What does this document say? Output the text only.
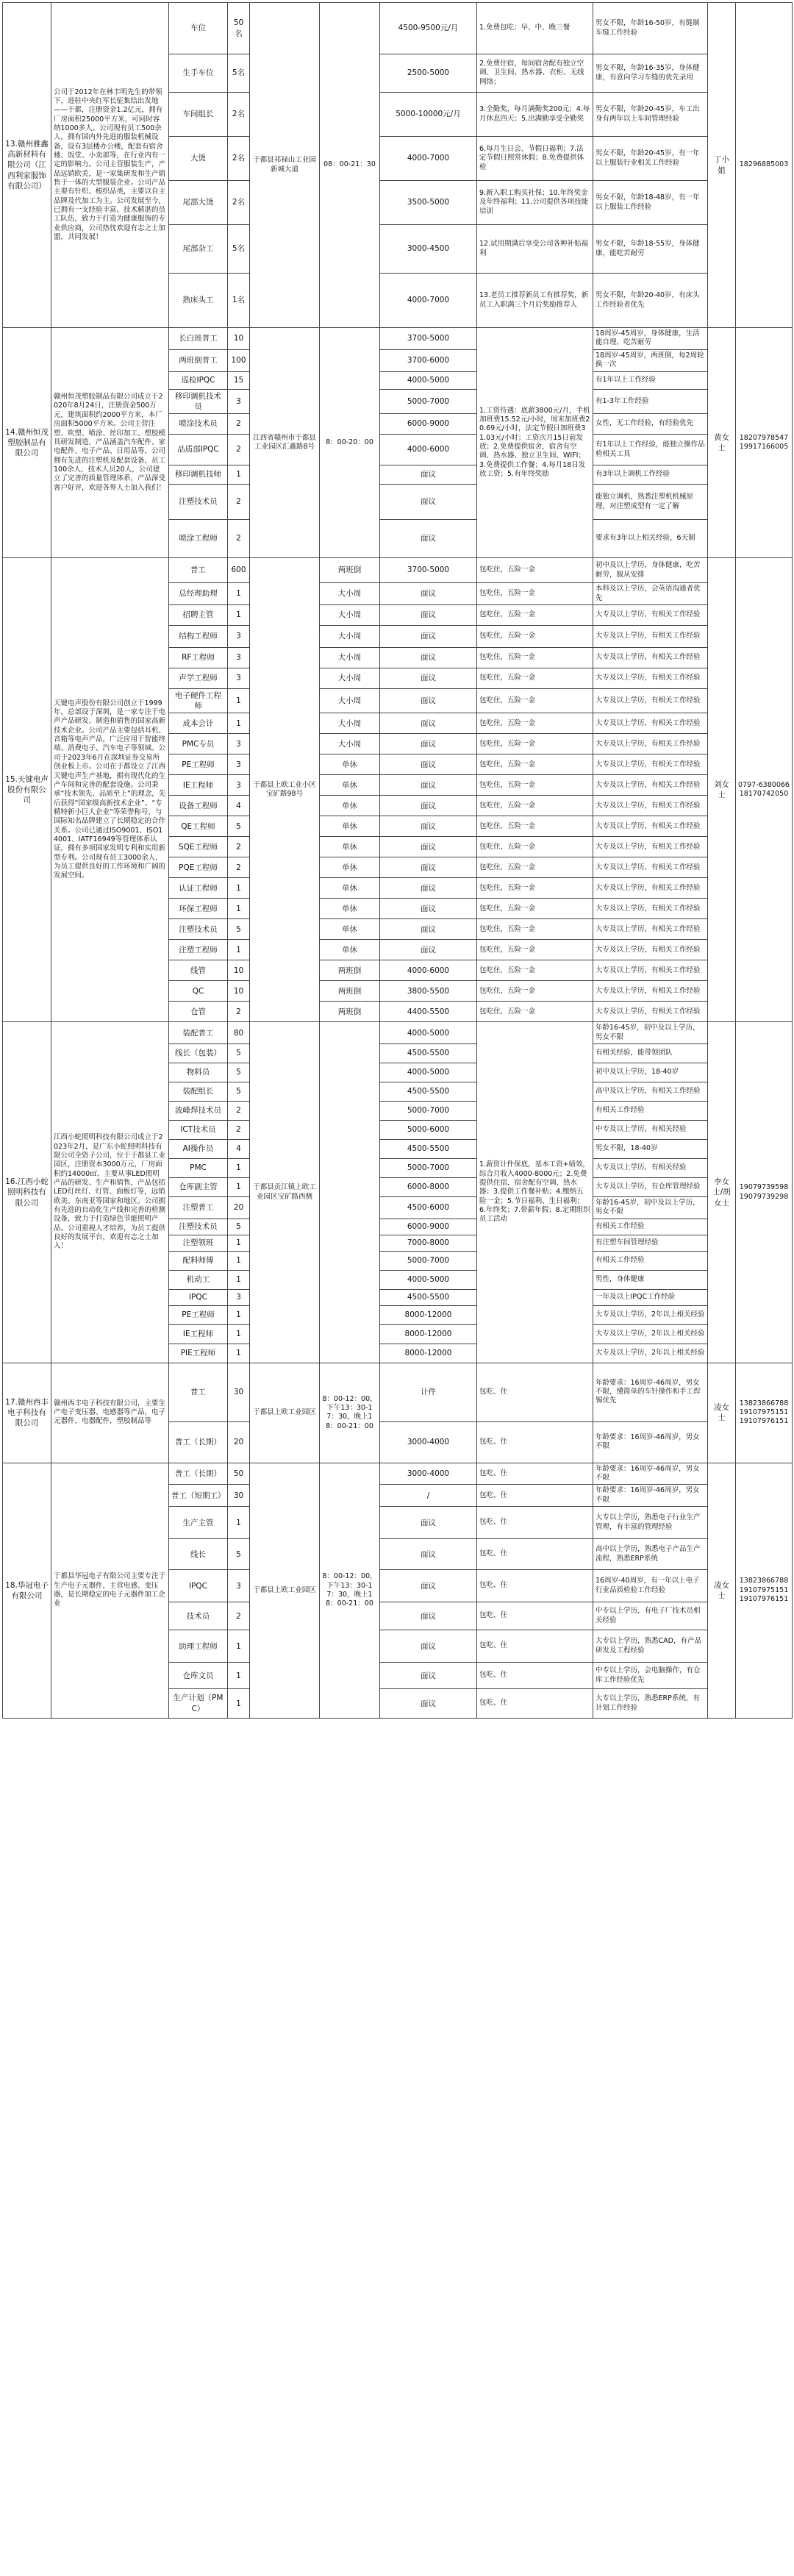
13.赣州雅鑫高新材料有限公司（江西利家服饰有限公司）	公司于2012年在林丰明先生的带领下，进驻中央红军长征集结出发地——于都，注册资金1.2亿元，拥有厂房面积25000平方米，可同时容纳1000多人。公司现有员工500余人，拥有国内外先进的服装机械设备，设有3层楼办公楼，配套有宿舍楼、饭堂、小卖部等，在行业内有一定的影响力。公司主营服装生产，产品远销欧美，是一家集研发和生产销售于一体的大型服装企业。公司产品主要有针织、梭织品类，主要以自主品牌及代加工为主。公司发展至今，已拥有一支经验丰富、技术精湛的员工队伍，致力于打造为健康服饰的专业供应商，公司热忱欢迎有志之士加盟，共同发展！	车位	50名	于都县祁禄山工业园新城大道	08：00-21：30	4500-9500元/月	1.免费包吃：早、中、晚三餐	男女不限，年龄16-50岁，有缝制车缝工作经验	丁小姐	18296885003
		生手车位	5名			2500-5000	2.免费住宿，每间宿舍配有独立空调、卫生间、热水器、衣柜、无线网络；	男女不限，年龄16-35岁，身体健康，有意向学习车缝的优先录用		
		车间组长	2名			5000-10000元/月	3.全勤奖，每月满勤奖200元；4.每月休息四天；5.出满勤享受全勤奖	男女不限，年龄20-45岁，车工出身有两年以上车间管理经验		
		大烫	2名			4000-7000	6.每月生日会、节假日福利；7.法定节假日照常休假；8.免费提供体检	男女不限，年龄20-45岁，有一年以上服装行业相关工作经验		
		尾部大烫	2名			3500-5000	9.新入职工购买社保；10.年终奖金及年终福利；11.公司提供各项技能培训	男女不限，年龄18-48岁，有一年以上服装工作经验		
		尾部杂工	5名			3000-4500	12.试用期满后享受公司各种补贴福利	男女不限，年龄18-55岁，身体健康，能吃苦耐劳		
		熟床头工	1名			4000-7000	13.老员工推荐新员工有推荐奖，新员工入职满三个月后奖励推荐人	男女不限，年龄20-40岁，有床头工作经验者优先		
14.赣州恒茂塑胶制品有限公司	赣州恒茂塑胶制品有限公司成立于2020年8月24日，注册资金500万元，建筑面积约2000平方米，本厂房面积5000平方米。公司主营注塑、吹塑、喷涂、丝印加工、塑胶模具研发制造，产品涵盖汽车配件、家电配件、电子产品、日用品等，公司拥有先进的注塑机及配套设备，员工100余人，技术人员20人，公司建立了完善的质量管理体系，产品深受客户好评，欢迎各界人士加入我们！	长白班普工	10	江西省赣州市于都县工业园区汇鑫路8号	8：00-20：00	3700-5000	1.工资待遇：底薪3800元/月，手机加班费15.52元/小时，周末加班费20.69元/小时，法定节假日加班费31.03元/小时；工资次月15日前发放；2.免费提供宿舍，宿舍有空调、热水器、独立卫生间、WIFI；3.免费提供工作餐；4.每月18日发放工资；5.有年终奖励	18周岁-45周岁，身体健康，生活能自理，吃苦耐劳	黄女士	18207978547 19917166005
		两班倒普工	100			3700-6000		18周岁-45周岁，两班倒，每2周轮换一次		
		巡检IPQC	15			4000-5000		有1年以上工作经验		
		移印调机技术员	3			5000-7000		有1-3年工作经验		
		喷涂技术员	2			6000-9000		女性，无工作经验，有经验优先		
		品质部IPQC	2			4000-6000		有1年以上工作经验，能独立操作品检相关工具		
		移印调机技师	1			面议		有3年以上调机工作经验		
		注塑技术员	2			面议		能独立调机，熟悉注塑机机械原理，对注塑成型有一定了解		
		喷涂工程师	2			面议		要求有3年以上相关经验，6天制		
15.天键电声股份有限公司	天键电声股份有限公司创立于1999年，总部设于深圳，是一家专注于电声产品研发、制造和销售的国家高新技术企业。公司产品主要包括耳机、音箱等电声产品，广泛应用于智能终端、消费电子、汽车电子等领域。公司于2023年6月在深圳证券交易所创业板上市。公司在于都设立了江西天键电声生产基地，拥有现代化的生产车间和完善的配套设施。公司秉承“技术领先、品质至上”的理念，先后获得“国家级高新技术企业”、“专精特新小巨人企业”等荣誉称号，与国际知名品牌建立了长期稳定的合作关系。公司已通过ISO9001、ISO14001、IATF16949等管理体系认证，拥有多项国家发明专利和实用新型专利。公司现有员工3000余人，为员工提供良好的工作环境和广阔的发展空间。	普工	600	于都县上欧工业小区宝矿路98号	两班倒	3700-5000	包吃住，五险一金	初中及以上学历，身体健康，吃苦耐劳，服从安排	刘女士	0797-6380066 18170742050
		总经理助理	1		大小周	面议	包吃住，五险一金	本科及以上学历，会英语沟通者优先		
		招聘主管	1		大小周	面议	包吃住，五险一金	大专及以上学历，有相关工作经验		
		结构工程师	3		大小周	面议	包吃住，五险一金	大专及以上学历，有相关工作经验		
		RF工程师	3		大小周	面议	包吃住，五险一金	大专及以上学历，有相关工作经验		
		声学工程师	3		大小周	面议	包吃住，五险一金	大专及以上学历，有相关工作经验		
		电子硬件工程师	1		大小周	面议	包吃住，五险一金	大专及以上学历，有相关工作经验		
		成本会计	1		大小周	面议	包吃住，五险一金	大专及以上学历，有相关工作经验		
		PMC专员	3		大小周	面议	包吃住，五险一金	大专及以上学历，有相关工作经验		
		PE工程师	3		单休	面议	包吃住，五险一金	大专及以上学历，有相关工作经验		
		IE工程师	3		单休	面议	包吃住，五险一金	大专及以上学历，有相关工作经验		
		设备工程师	4		单休	面议	包吃住，五险一金	大专及以上学历，有相关工作经验		
		QE工程师	5		单休	面议	包吃住，五险一金	大专及以上学历，有相关工作经验		
		SQE工程师	2		单休	面议	包吃住，五险一金	大专及以上学历，有相关工作经验		
		PQE工程师	2		单休	面议	包吃住，五险一金	大专及以上学历，有相关工作经验		
		认证工程师	1		单休	面议	包吃住，五险一金	大专及以上学历，有相关工作经验		
		环保工程师	1		单休	面议	包吃住，五险一金	大专及以上学历，有相关工作经验		
		注塑技术员	5		单休	面议	包吃住，五险一金	大专及以上学历，有相关工作经验		
		注塑工程师	1		单休	面议	包吃住，五险一金	大专及以上学历，有相关工作经验		
		线管	10		两班倒	4000-6000	包吃住，五险一金	大专及以上学历，有相关工作经验		
		QC	10		两班倒	3800-5500	包吃住，五险一金	大专及以上学历，有相关工作经验		
		仓管	2		两班倒	4400-5500	包吃住，五险一金	大专及以上学历，有相关工作经验		
16.江西小蛇照明科技有限公司	江西小蛇照明科技有限公司成立于2023年2月，是广东小蛇照明科技有限公司全资子公司，位于于都县工业园区，注册资本3000万元，厂房面积约14000㎡，主要从事LED照明产品的研发、生产和销售，产品包括LED灯丝灯、灯管、面板灯等，远销欧美、东南亚等国家和地区。公司拥有先进的自动化生产线和完善的检测设备，致力于打造绿色节能照明产品。公司重视人才培养，为员工提供良好的发展平台，欢迎有志之士加入！	装配普工	80	于都县贡江镇上欧工业园区宝矿路西侧		4000-5000	1.薪资计件保底，基本工资+绩效，综合月收入4000-8000元；2.免费提供住宿，宿舍配有空调、热水器；3.提供工作餐补贴；4.缴纳五险一金；5.节日福利、生日福利；6.年终奖；7.带薪年假；8.定期组织员工活动	年龄16-45岁，初中及以上学历，男女不限	李女士/胡女士	19079739598 19079739298
		线长（包装）	5			4500-5500		有相关经验，能带领团队		
		物料员	5			4000-5000		初中及以上学历，18-40岁		
		装配组长	5			4500-5500		高中及以上学历，有相关工作经验		
		波峰焊技术员	2			5000-7000		有相关工作经验		
		ICT技术员	2			5000-6000		中专及以上学历，有相关经验		
		AI操作员	4			4500-5500		男女不限，18-40岁		
		PMC	1			5000-7000		大专及以上学历，有相关经验		
		仓库副主管	1			6000-8000		大专及以上学历，有仓库管理经验		
		注塑普工	20			4500-6000		年龄16-45岁，初中及以上学历，男女不限		
		注塑技术员	5			6000-9000		有相关工作经验		
		注塑领班	1			7000-8000		有注塑车间管理经验		
		配料师傅	1			5000-7000		有相关工作经验		
		机动工	1			4000-5000		男性，身体健康		
		IPQC	3			4500-5500		一年及以上IPQC工作经验		
		PE工程师	1			8000-12000		大专及以上学历，2年以上相关经验		
		IE工程师	1			8000-12000		大专及以上学历，2年以上相关经验		
		PIE工程师	1			8000-12000		大专及以上学历，2年以上相关经验		
17.赣州西丰电子科技有限公司	赣州西丰电子科技有限公司，主要生产电子变压器、电感器等产品，电子元器件，电器配件，塑胶制品等	普工	30	于都县上欧工业园区	8：00-12：00，下午13：30-17：30，晚上18：00-21：00	计件	包吃、住	年龄要求：16周岁-46周岁，男女不限，懂简单的车针操作和手工焊锡优先	凌女士	13823866788 19107975151 19107976151
		普工（长期）	20			3000-4000	包吃、住	年龄要求：16周岁-46周岁，男女不限		
18.华冠电子有限公司	于都县华冠电子有限公司主要专注于生产电子元器件，主营电感、变压器，是长期稳定的电子元器件加工企业	普工（长期）	50	于都县上欧工业园区	8：00-12：00，下午13：30-17：30，晚上18：00-21：00	3000-4000	包吃、住	年龄要求：16周岁-46周岁，男女不限	凌女士	13823866788 19107975151 19107976151
		普工（短期工）	30			/	包吃、住	年龄要求：16周岁-46周岁，男女不限		
		生产主管	1			面议	包吃、住	大专以上学历，熟悉电子行业生产管理，有丰富的管理经验		
		线长	5			面议	包吃、住	高中以上学历，熟悉电子产品生产流程，熟悉ERP系统		
		IPQC	3			面议	包吃、住	16周岁-40周岁，有一年以上电子行业品质检验工作经验		
		技术员	2			面议	包吃、住	中专以上学历，有电子厂技术员相关经验		
		助理工程师	1			面议	包吃、住	大专以上学历，熟悉CAD，有产品研发及工程经验		
		仓库文员	1			面议	包吃、住	中专以上学历，会电脑操作，有仓库工作经验优先		
		生产计划（PMC）	1			面议	包吃、住	大专以上学历，熟悉ERP系统，有计划工作经验		
